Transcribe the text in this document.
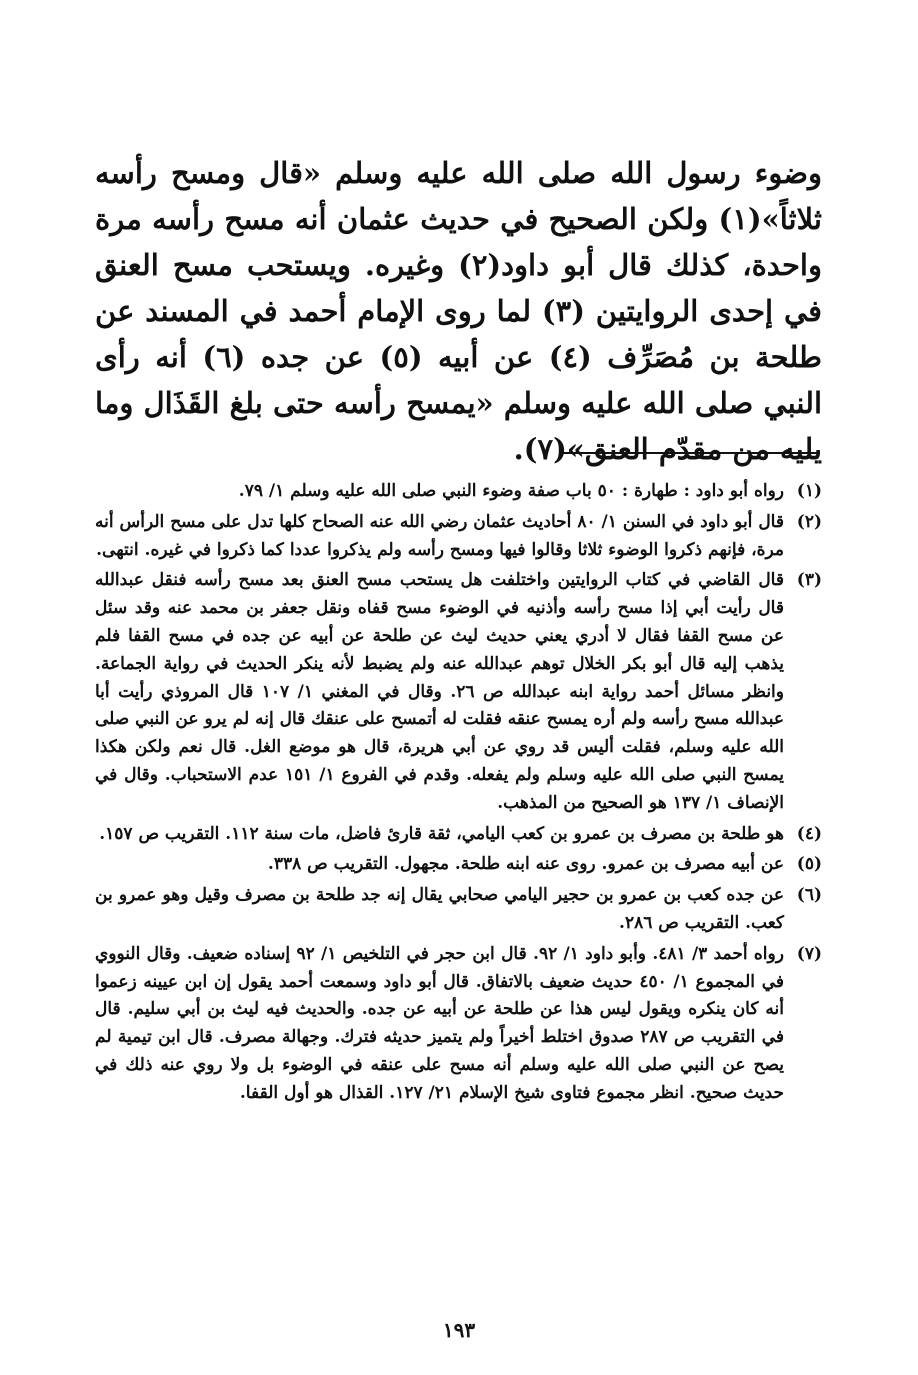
وضوء رسول الله صلى الله عليه وسلم «قال ومسح رأسه ثلاثاً»(١) ولكن الصحيح في حديث عثمان أنه مسح رأسه مرة واحدة، كذلك قال أبو داود(٢) وغيره. ويستحب مسح العنق في إحدى الروايتين (٣) لما روى الإمام أحمد في المسند عن طلحة بن مُصَرِّف (٤) عن أبيه (٥) عن جده (٦) أنه رأى النبي صلى الله عليه وسلم «يمسح رأسه حتى بلغ القَذَال وما يليه من مقدّم العنق»(٧).

(١)
رواه أبو داود : طهارة : ٥٠ باب صفة وضوء النبي صلى الله عليه وسلم ١/ ٧٩.
(٢)
قال أبو داود في السنن ١/ ٨٠ أحاديث عثمان رضي الله عنه الصحاح كلها تدل على مسح الرأس أنه مرة، فإنهم ذكروا الوضوء ثلاثا وقالوا فيها ومسح رأسه ولم يذكروا عددا كما ذكروا في غيره. انتهى.
(٣)
قال القاضي في كتاب الروايتين واختلفت هل يستحب مسح العنق بعد مسح رأسه فنقل عبدالله قال رأيت أبي إذا مسح رأسه وأذنيه في الوضوء مسح قفاه ونقل جعفر بن محمد عنه وقد سئل عن مسح القفا فقال لا أدري يعني حديث ليث عن طلحة عن أبيه عن جده في مسح القفا فلم يذهب إليه قال أبو بكر الخلال توهم عبدالله عنه ولم يضبط لأنه ينكر الحديث في رواية الجماعة. وانظر مسائل أحمد رواية ابنه عبدالله ص ٢٦. وقال في المغني ١/ ١٠٧ قال المروذي رأيت أبا عبدالله مسح رأسه ولم أره يمسح عنقه فقلت له أتمسح على عنقك قال إنه لم يرو عن النبي صلى الله عليه وسلم، فقلت أليس قد روي عن أبي هريرة، قال هو موضع الغل. قال نعم ولكن هكذا يمسح النبي صلى الله عليه وسلم ولم يفعله. وقدم في الفروع ١/ ١٥١ عدم الاستحباب. وقال في الإنصاف ١/ ١٣٧ هو الصحيح من المذهب.
(٤)
هو طلحة بن مصرف بن عمرو بن كعب اليامي، ثقة قارئ فاضل، مات سنة ١١٢. التقريب ص ١٥٧.
(٥)
عن أبيه مصرف بن عمرو. روى عنه ابنه طلحة. مجهول. التقريب ص ٣٣٨.
(٦)
عن جده كعب بن عمرو بن حجير اليامي صحابي يقال إنه جد طلحة بن مصرف وقيل وهو عمرو بن كعب. التقريب ص ٢٨٦.
(٧)
رواه أحمد ٣/ ٤٨١. وأبو داود ١/ ٩٢. قال ابن حجر في التلخيص ١/ ٩٢ إسناده ضعيف. وقال النووي في المجموع ١/ ٤٥٠ حديث ضعيف بالاتفاق. قال أبو داود وسمعت أحمد يقول إن ابن عيينه زعموا أنه كان ينكره ويقول ليس هذا عن طلحة عن أبيه عن جده. والحديث فيه ليث بن أبي سليم. قال في التقريب ص ٢٨٧ صدوق اختلط أخيراً ولم يتميز حديثه فترك. وجهالة مصرف. قال ابن تيمية لم يصح عن النبي صلى الله عليه وسلم أنه مسح على عنقه في الوضوء بل ولا روي عنه ذلك في حديث صحيح. انظر مجموع فتاوى شيخ الإسلام ٢١/ ١٢٧. القذال هو أول القفا.
١٩٣
